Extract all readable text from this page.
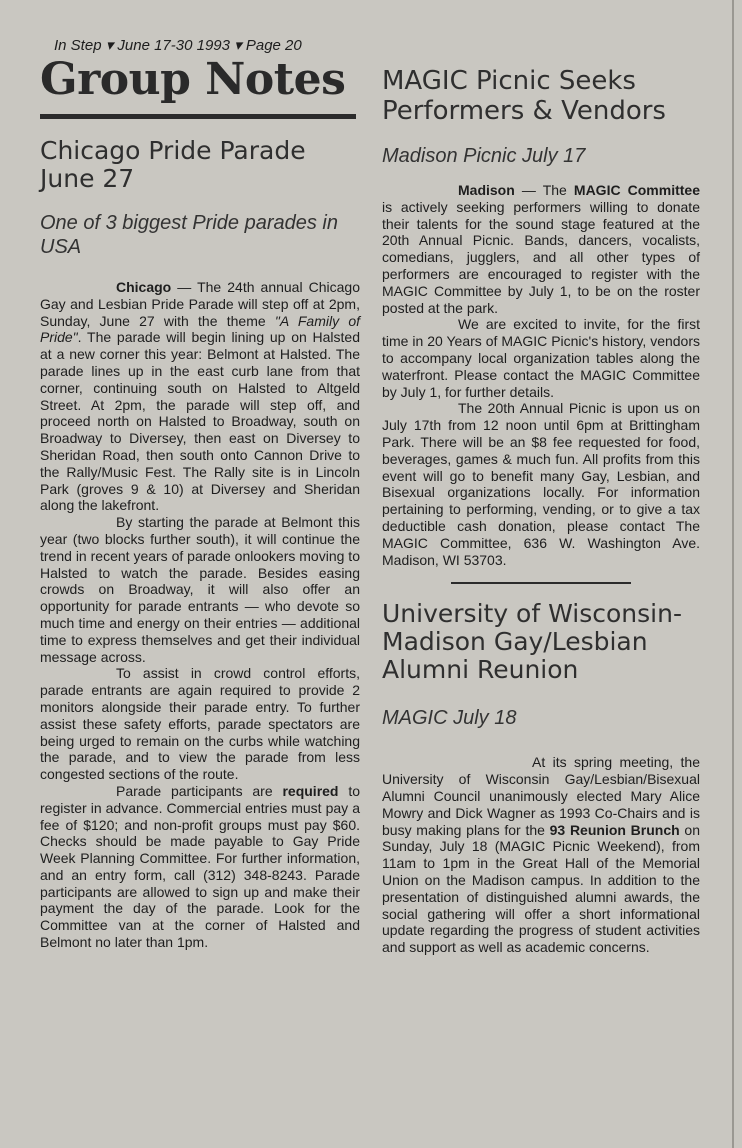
In Step ▾ June 17-30 1993 ▾ Page 20
Group Notes
Chicago Pride Parade June 27
One of 3 biggest Pride parades in USA

Chicago — The 24th annual Chicago Gay and Lesbian Pride Parade will step off at 2pm, Sunday, June 27 with the theme "A Family of Pride". The parade will begin lining up on Halsted at a new corner this year: Belmont at Halsted. The parade lines up in the east curb lane from that corner, continuing south on Halsted to Altgeld Street. At 2pm, the parade will step off, and proceed north on Halsted to Broadway, south on Broadway to Diversey, then east on Diversey to Sheridan Road, then south onto Cannon Drive to the Rally/Music Fest. The Rally site is in Lincoln Park (groves 9 & 10) at Diversey and Sheridan along the lakefront.

By starting the parade at Belmont this year (two blocks further south), it will continue the trend in recent years of parade onlookers moving to Halsted to watch the parade. Besides easing crowds on Broadway, it will also offer an opportunity for parade entrants — who devote so much time and energy on their entries — additional time to express themselves and get their individual message across.

To assist in crowd control efforts, parade entrants are again required to provide 2 monitors alongside their parade entry. To further assist these safety efforts, parade spectators are being urged to remain on the curbs while watching the parade, and to view the parade from less congested sections of the route.

Parade participants are required to register in advance. Commercial entries must pay a fee of $120; and non-profit groups must pay $60. Checks should be made payable to Gay Pride Week Planning Committee. For further information, and an entry form, call (312) 348-8243. Parade participants are allowed to sign up and make their payment the day of the parade. Look for the Committee van at the corner of Halsted and Belmont no later than 1pm.

MAGIC Picnic Seeks Performers & Vendors
Madison Picnic July 17

Madison — The MAGIC Committee is actively seeking performers willing to donate their talents for the sound stage featured at the 20th Annual Picnic. Bands, dancers, vocalists, comedians, jugglers, and all other types of performers are encouraged to register with the MAGIC Committee by July 1, to be on the roster posted at the park.

We are excited to invite, for the first time in 20 Years of MAGIC Picnic's history, vendors to accompany local organization tables along the waterfront. Please contact the MAGIC Committee by July 1, for further details.

The 20th Annual Picnic is upon us on July 17th from 12 noon until 6pm at Brittingham Park. There will be an $8 fee requested for food, beverages, games & much fun. All profits from this event will go to benefit many Gay, Lesbian, and Bisexual organizations locally. For information pertaining to performing, vending, or to give a tax deductible cash donation, please contact The MAGIC Committee, 636 W. Washington Ave. Madison, WI 53703.

University of Wisconsin-Madison Gay/Lesbian Alumni Reunion
MAGIC July 18

At its spring meeting, the University of Wisconsin Gay/Lesbian/Bisexual Alumni Council unanimously elected Mary Alice Mowry and Dick Wagner as 1993 Co-Chairs and is busy making plans for the 93 Reunion Brunch on Sunday, July 18 (MAGIC Picnic Weekend), from 11am to 1pm in the Great Hall of the Memorial Union on the Madison campus. In addition to the presentation of distinguished alumni awards, the social gathering will offer a short informational update regarding the progress of student activities and support as well as academic concerns.
